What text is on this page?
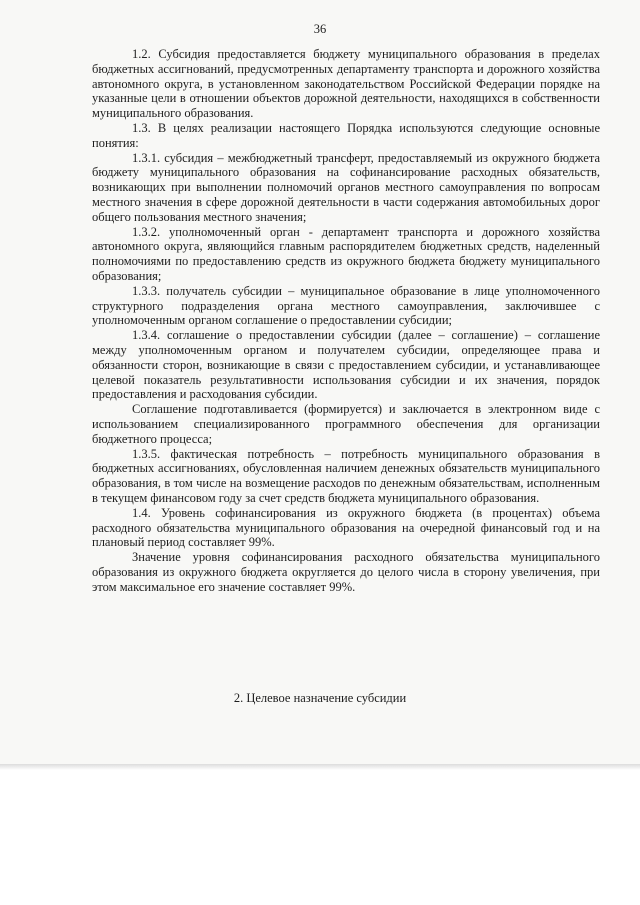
36

1.2. Субсидия предоставляется бюджету муниципального образования в пределах бюджетных ассигнований, предусмотренных департаменту транспорта и дорожного хозяйства автономного округа, в установленном законодательством Российской Федерации порядке на указанные цели в отношении объектов дорожной деятельности, находящихся в собственности муниципального образования.

1.3. В целях реализации настоящего Порядка используются следующие основные понятия:

1.3.1. субсидия – межбюджетный трансферт, предоставляемый из окружного бюджета бюджету муниципального образования на софинансирование расходных обязательств, возникающих при выполнении полномочий органов местного самоуправления по вопросам местного значения в сфере дорожной деятельности в части содержания автомобильных дорог общего пользования местного значения;

1.3.2. уполномоченный орган - департамент транспорта и дорожного хозяйства автономного округа, являющийся главным распорядителем бюджетных средств, наделенный полномочиями по предоставлению средств из окружного бюджета бюджету муниципального образования;

1.3.3. получатель субсидии – муниципальное образование в лице уполномоченного структурного подразделения органа местного самоуправления, заключившее с уполномоченным органом соглашение о предоставлении субсидии;

1.3.4. соглашение о предоставлении субсидии (далее – соглашение) – соглашение между уполномоченным органом и получателем субсидии, определяющее права и обязанности сторон, возникающие в связи с предоставлением субсидии, и устанавливающее целевой показатель результативности использования субсидии и их значения, порядок предоставления и расходования субсидии.

Соглашение подготавливается (формируется) и заключается в электронном виде с использованием специализированного программного обеспечения для организации бюджетного процесса;

1.3.5. фактическая потребность – потребность муниципального образования в бюджетных ассигнованиях, обусловленная наличием денежных обязательств муниципального образования, в том числе на возмещение расходов по денежным обязательствам, исполненным в текущем финансовом году за счет средств бюджета муниципального образования.

1.4. Уровень софинансирования из окружного бюджета (в процентах) объема расходного обязательства муниципального образования на очередной финансовый год и на плановый период составляет 99%.

Значение уровня софинансирования расходного обязательства муниципального образования из окружного бюджета округляется до целого числа в сторону увеличения, при этом максимальное его значение составляет 99%.

2. Целевое назначение субсидии
